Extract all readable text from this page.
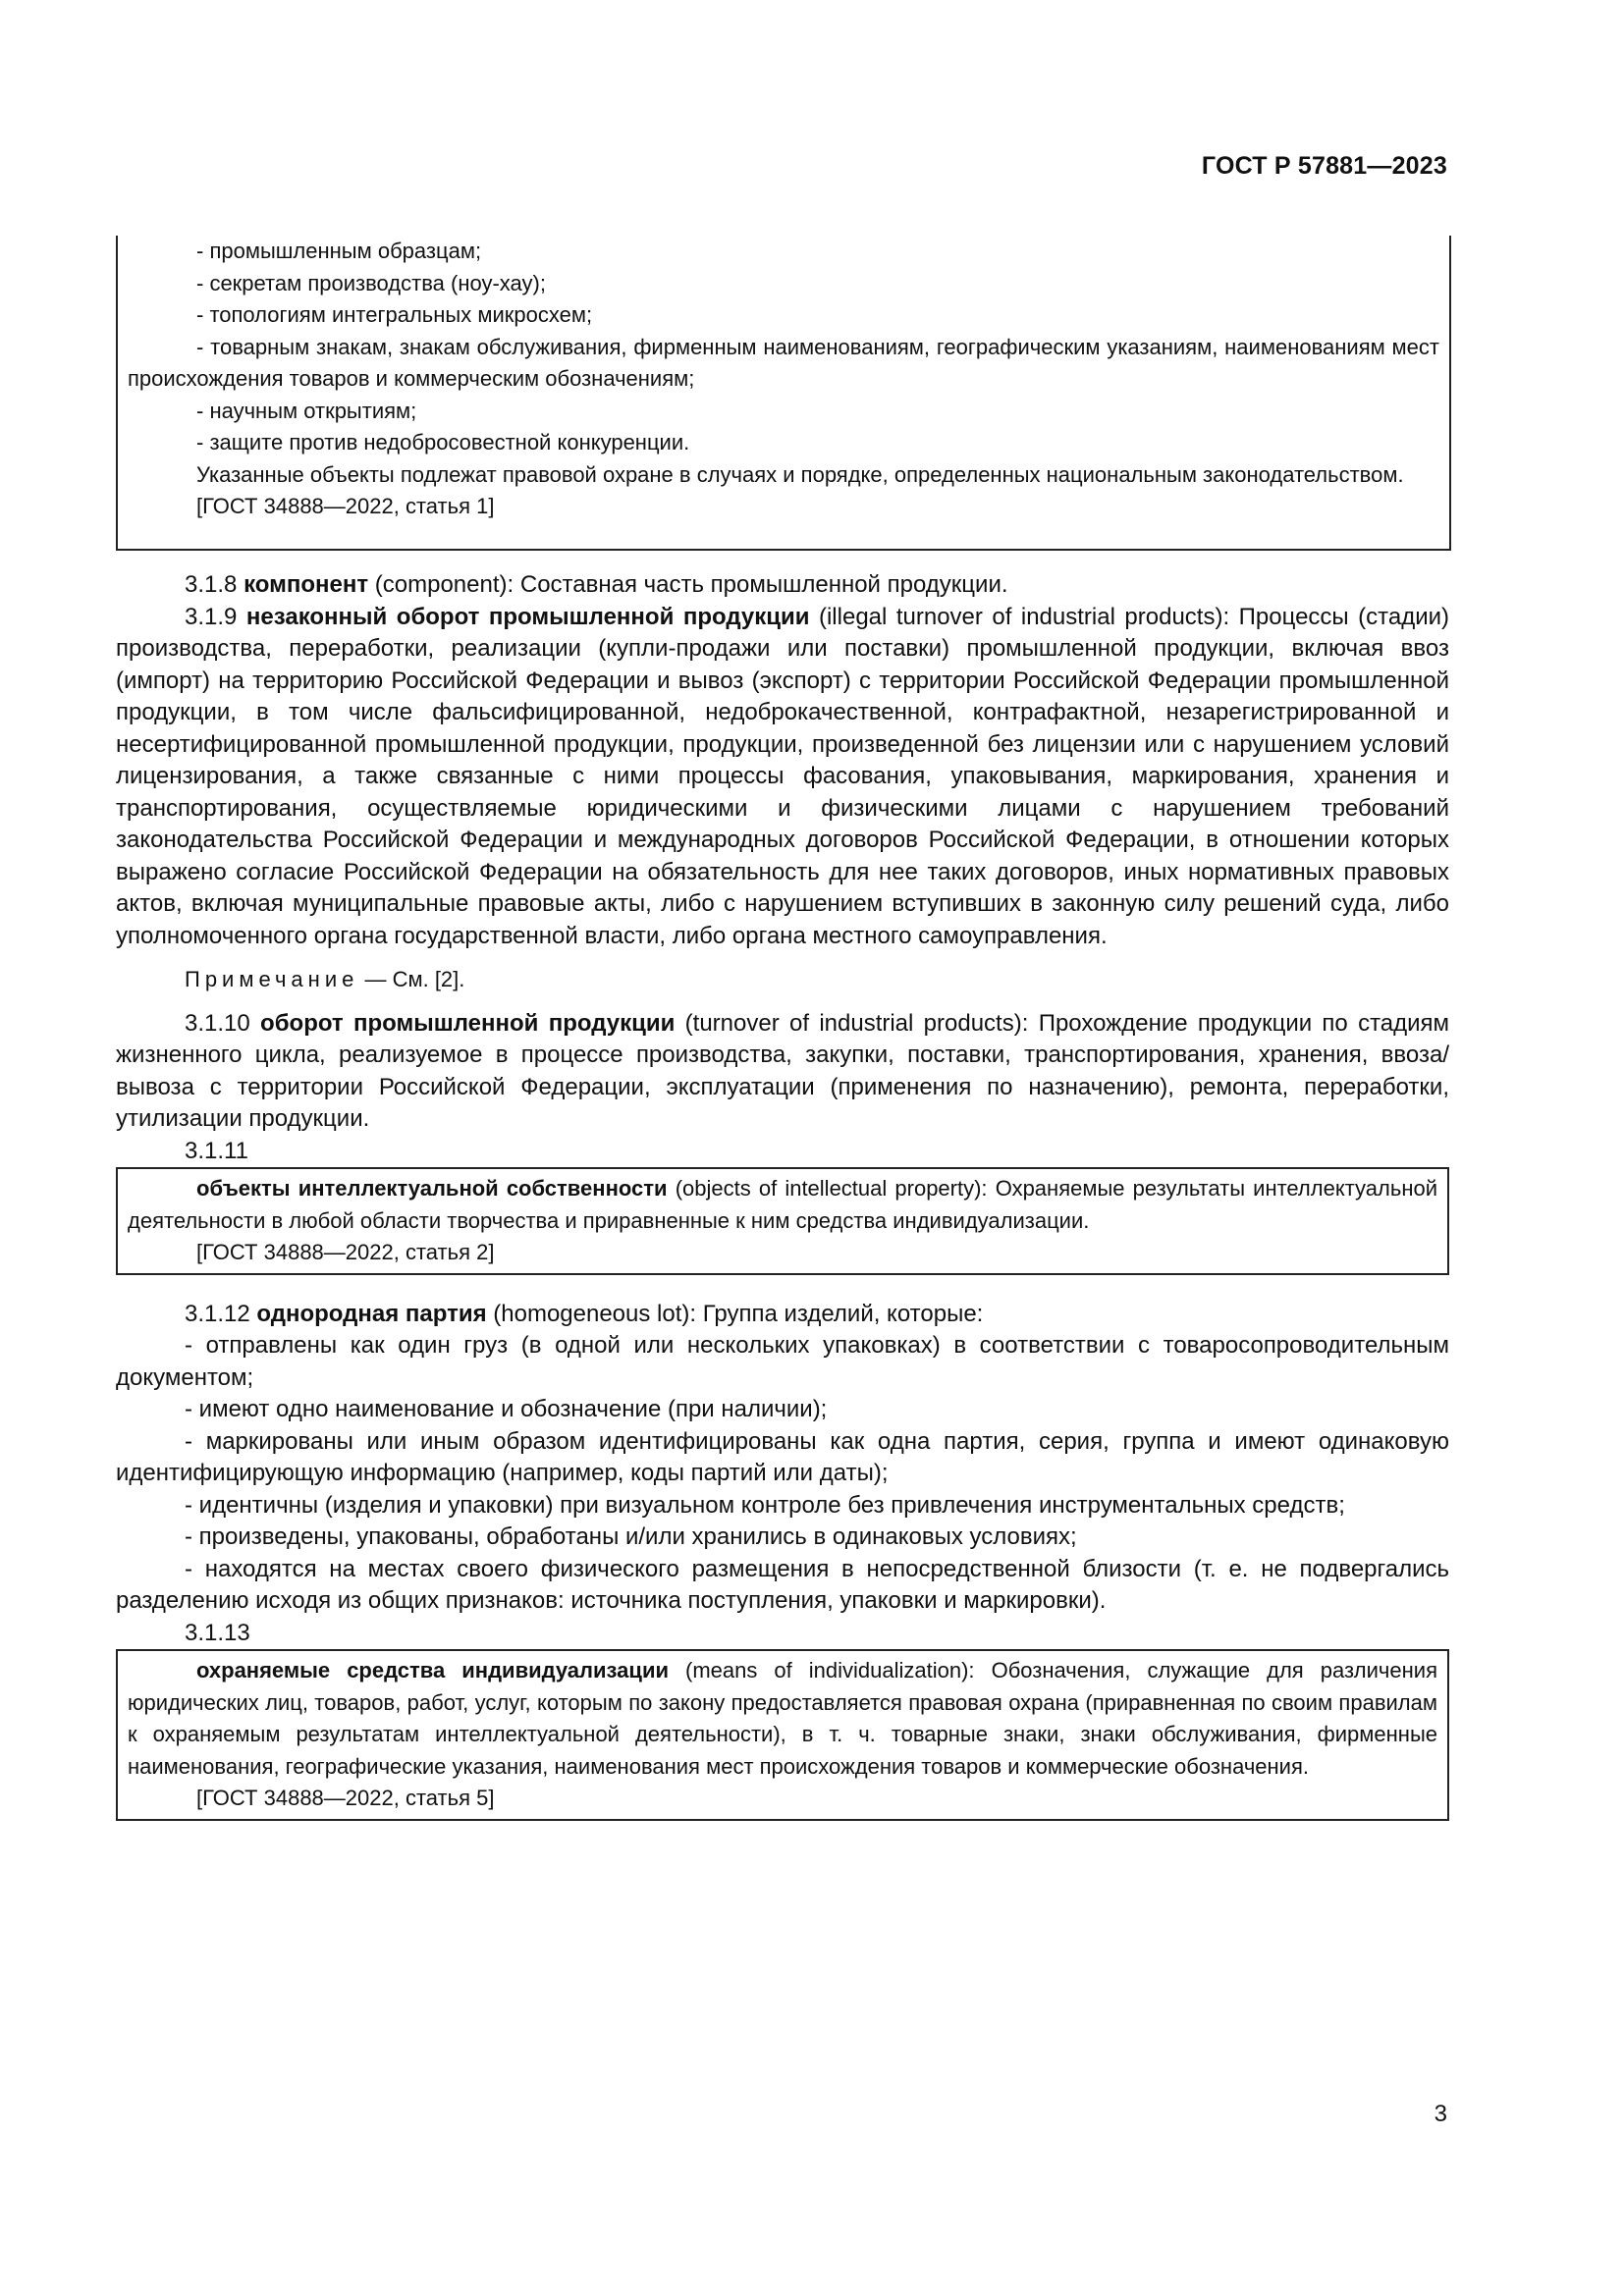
ГОСТ Р 57881—2023

- промышленным образцам;

- секретам производства (ноу-хау);

- топологиям интегральных микросхем;

- товарным знакам, знакам обслуживания, фирменным наименованиям, географическим указаниям, наименованиям мест происхождения товаров и коммерческим обозначениям;

- научным открытиям;

- защите против недобросовестной конкуренции.

Указанные объекты подлежат правовой охране в случаях и порядке, определенных национальным законодательством.

[ГОСТ 34888—2022, статья 1]

3.1.8 компонент (component): Составная часть промышленной продукции.

3.1.9 незаконный оборот промышленной продукции (illegal turnover of industrial products): Процессы (стадии) производства, переработки, реализации (купли-продажи или поставки) промышленной продукции, включая ввоз (импорт) на территорию Российской Федерации и вывоз (экспорт) с территории Российской Федерации промышленной продукции, в том числе фальсифицированной, недоброкачественной, контрафактной, незарегистрированной и несертифицированной промышленной продукции, продукции, произведенной без лицензии или с нарушением условий лицензирования, а также связанные с ними процессы фасования, упаковывания, маркирования, хранения и транспортирования, осуществляемые юридическими и физическими лицами с нарушением требований законодательства Российской Федерации и международных договоров Российской Федерации, в отношении которых выражено согласие Российской Федерации на обязательность для нее таких договоров, иных нормативных правовых актов, включая муниципальные правовые акты, либо с нарушением вступивших в законную силу решений суда, либо уполномоченного органа государственной власти, либо органа местного самоуправления.

Примечание — См. [2].

3.1.10 оборот промышленной продукции (turnover of industrial products): Прохождение продукции по стадиям жизненного цикла, реализуемое в процессе производства, закупки, поставки, транспортирования, хранения, ввоза/вывоза с территории Российской Федерации, эксплуатации (применения по назначению), ремонта, переработки, утилизации продукции.

3.1.11

объекты интеллектуальной собственности (objects of intellectual property): Охраняемые результаты интеллектуальной деятельности в любой области творчества и приравненные к ним средства индивидуализации.

[ГОСТ 34888—2022, статья 2]

3.1.12 однородная партия (homogeneous lot): Группа изделий, которые:

- отправлены как один груз (в одной или нескольких упаковках) в соответствии с товаросопроводительным документом;

- имеют одно наименование и обозначение (при наличии);

- маркированы или иным образом идентифицированы как одна партия, серия, группа и имеют одинаковую идентифицирующую информацию (например, коды партий или даты);

- идентичны (изделия и упаковки) при визуальном контроле без привлечения инструментальных средств;

- произведены, упакованы, обработаны и/или хранились в одинаковых условиях;

- находятся на местах своего физического размещения в непосредственной близости (т. е. не подвергались разделению исходя из общих признаков: источника поступления, упаковки и маркировки).

3.1.13

охраняемые средства индивидуализации (means of individualization): Обозначения, служащие для различения юридических лиц, товаров, работ, услуг, которым по закону предоставляется правовая охрана (приравненная по своим правилам к охраняемым результатам интеллектуальной деятельности), в т. ч. товарные знаки, знаки обслуживания, фирменные наименования, географические указания, наименования мест происхождения товаров и коммерческие обозначения.

[ГОСТ 34888—2022, статья 5]

3
